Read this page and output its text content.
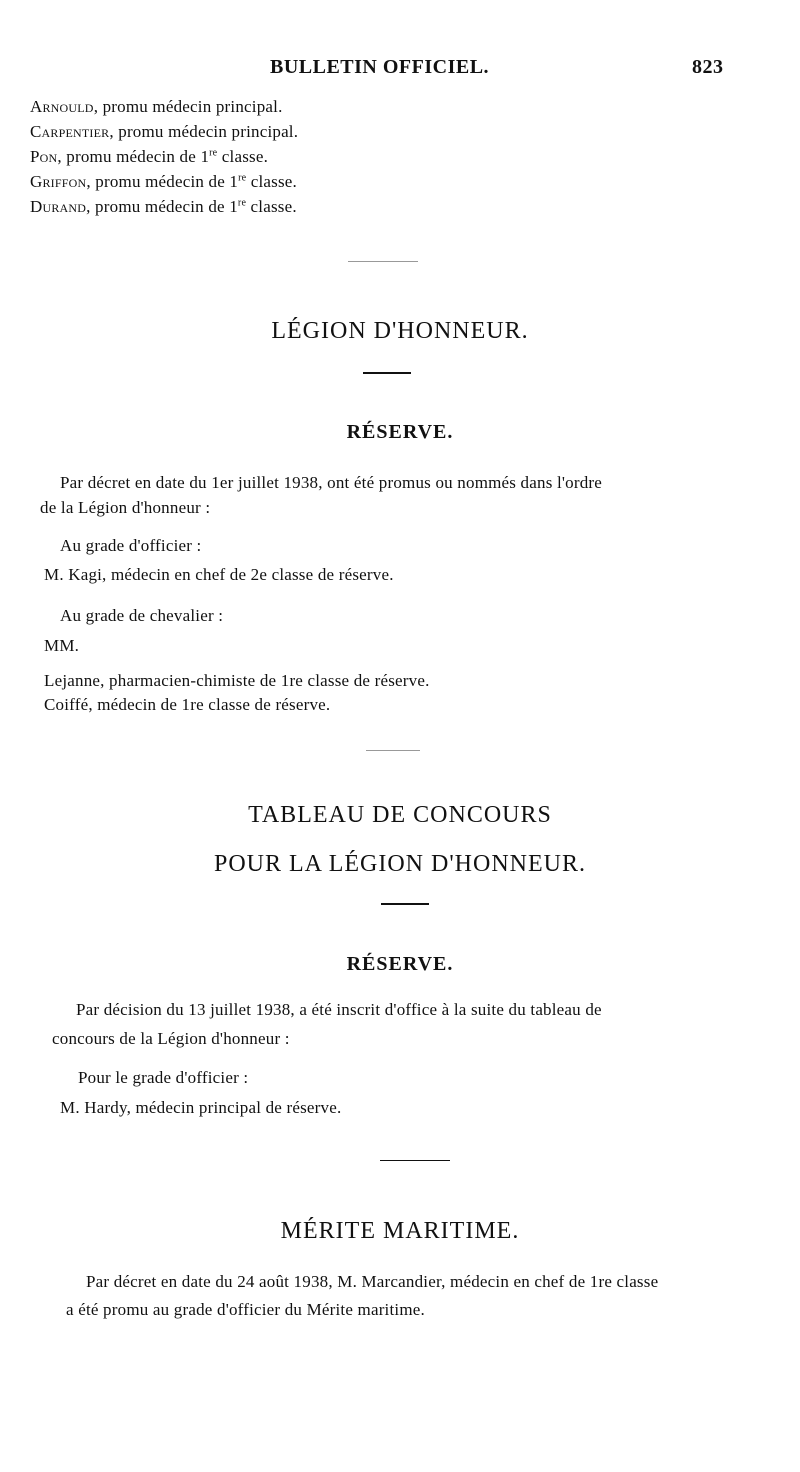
BULLETIN OFFICIEL.	823
Arnould, promu médecin principal.
Carpentier, promu médecin principal.
Pon, promu médecin de 1re classe.
Griffon, promu médecin de 1re classe.
Durand, promu médecin de 1re classe.
LÉGION D'HONNEUR.
RÉSERVE.
Par décret en date du 1er juillet 1938, ont été promus ou nommés dans l'ordre
de la Légion d'honneur :
Au grade d'officier :
M. Kagi, médecin en chef de 2e classe de réserve.
Au grade de chevalier :
MM.
Lejanne, pharmacien-chimiste de 1re classe de réserve.
Coiffé, médecin de 1re classe de réserve.
TABLEAU DE CONCOURS
POUR LA LÉGION D'HONNEUR.
RÉSERVE.
Par décision du 13 juillet 1938, a été inscrit d'office à la suite du tableau de
concours de la Légion d'honneur :
Pour le grade d'officier :
M. Hardy, médecin principal de réserve.
MÉRITE MARITIME.
Par décret en date du 24 août 1938, M. Marcandier, médecin en chef de 1re classe
a été promu au grade d'officier du Mérite maritime.
